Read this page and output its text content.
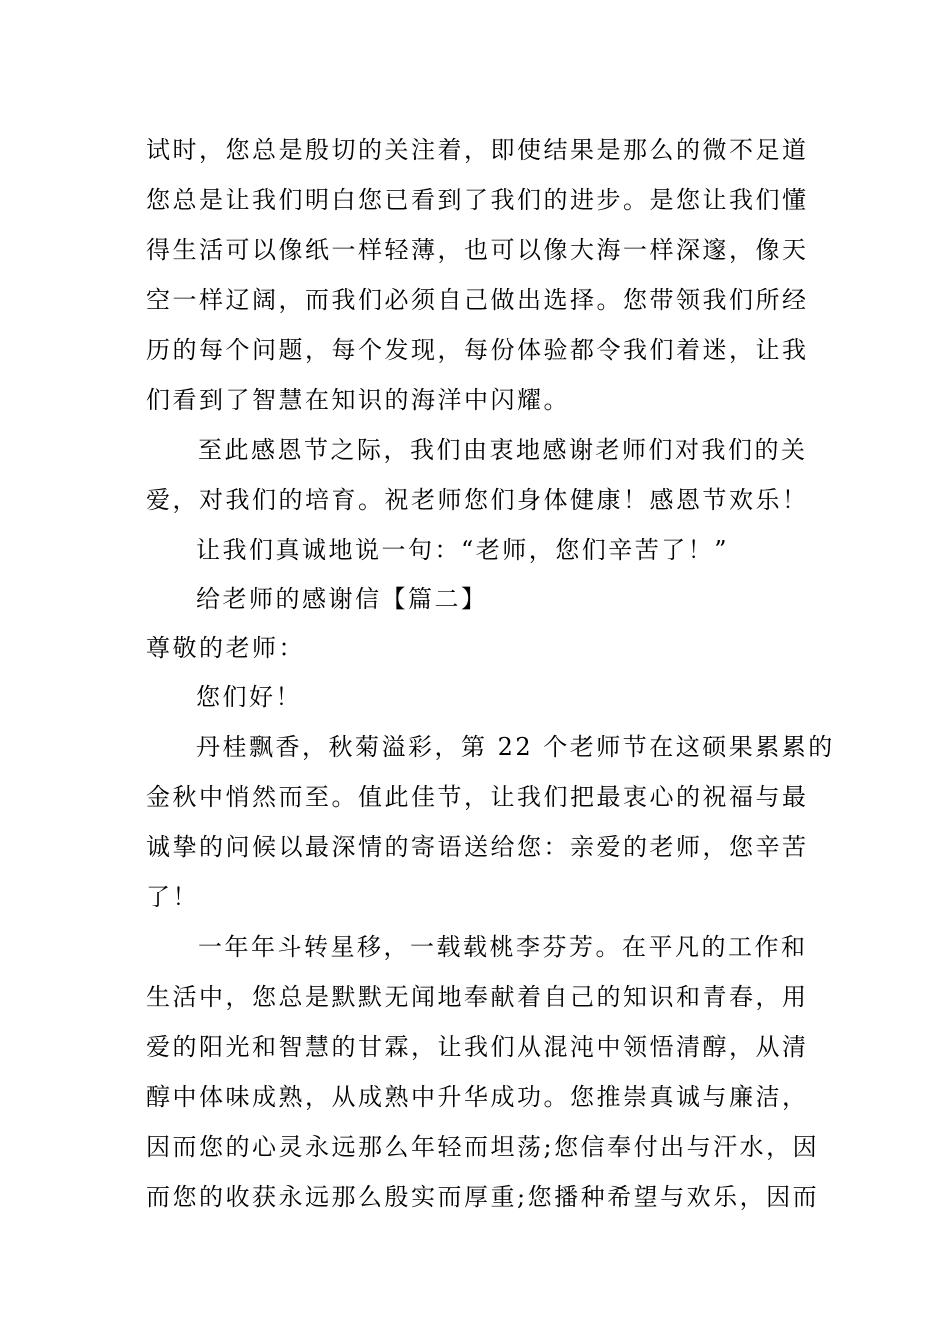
试时，您总是殷切的关注着，即使结果是那么的微不足道
您总是让我们明白您已看到了我们的进步。是您让我们懂
得生活可以像纸一样轻薄，也可以像大海一样深邃，像天
空一样辽阔，而我们必须自己做出选择。您带领我们所经
历的每个问题，每个发现，每份体验都令我们着迷，让我
们看到了智慧在知识的海洋中闪耀。
至此感恩节之际，我们由衷地感谢老师们对我们的关
爱，对我们的培育。祝老师您们身体健康！感恩节欢乐！
让我们真诚地说一句：“老师，您们辛苦了！”
给老师的感谢信【篇二】
尊敬的老师：
您们好！
丹桂飘香，秋菊溢彩，第 22 个老师节在这硕果累累的
金秋中悄然而至。值此佳节，让我们把最衷心的祝福与最
诚挚的问候以最深情的寄语送给您：亲爱的老师，您辛苦
了！
一年年斗转星移，一载载桃李芬芳。在平凡的工作和
生活中，您总是默默无闻地奉献着自己的知识和青春，用
爱的阳光和智慧的甘霖，让我们从混沌中领悟清醇，从清
醇中体味成熟，从成熟中升华成功。您推崇真诚与廉洁，
因而您的心灵永远那么年轻而坦荡;您信奉付出与汗水，因
而您的收获永远那么殷实而厚重;您播种希望与欢乐，因而
